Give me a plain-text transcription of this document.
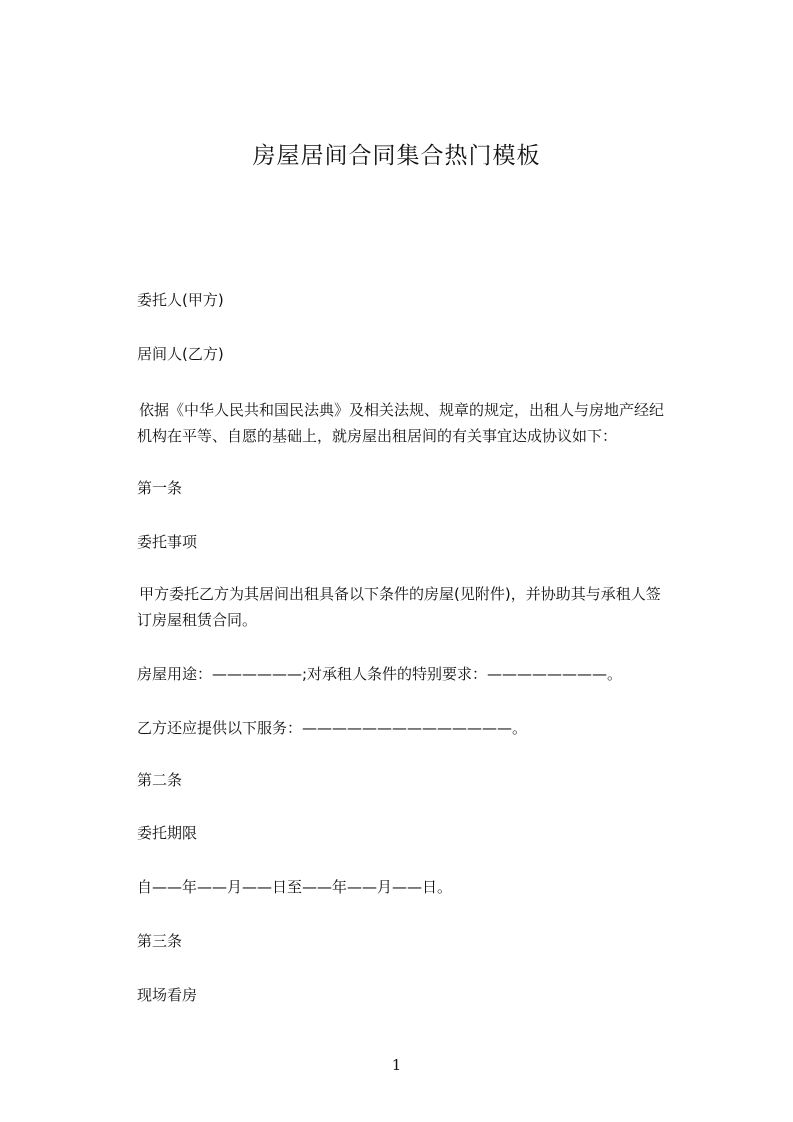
房屋居间合同集合热门模板
委托人(甲方)
居间人(乙方)
依据《中华人民共和国民法典》及相关法规、规章的规定，出租人与房地产经纪
机构在平等、自愿的基础上，就房屋出租居间的有关事宜达成协议如下：
第一条
委托事项
甲方委托乙方为其居间出租具备以下条件的房屋(见附件)，并协助其与承租人签
订房屋租赁合同。
房屋用途：——————;对承租人条件的特别要求：————————。
乙方还应提供以下服务：——————————————。
第二条
委托期限
自——年——月——日至——年——月——日。
第三条
现场看房
1
